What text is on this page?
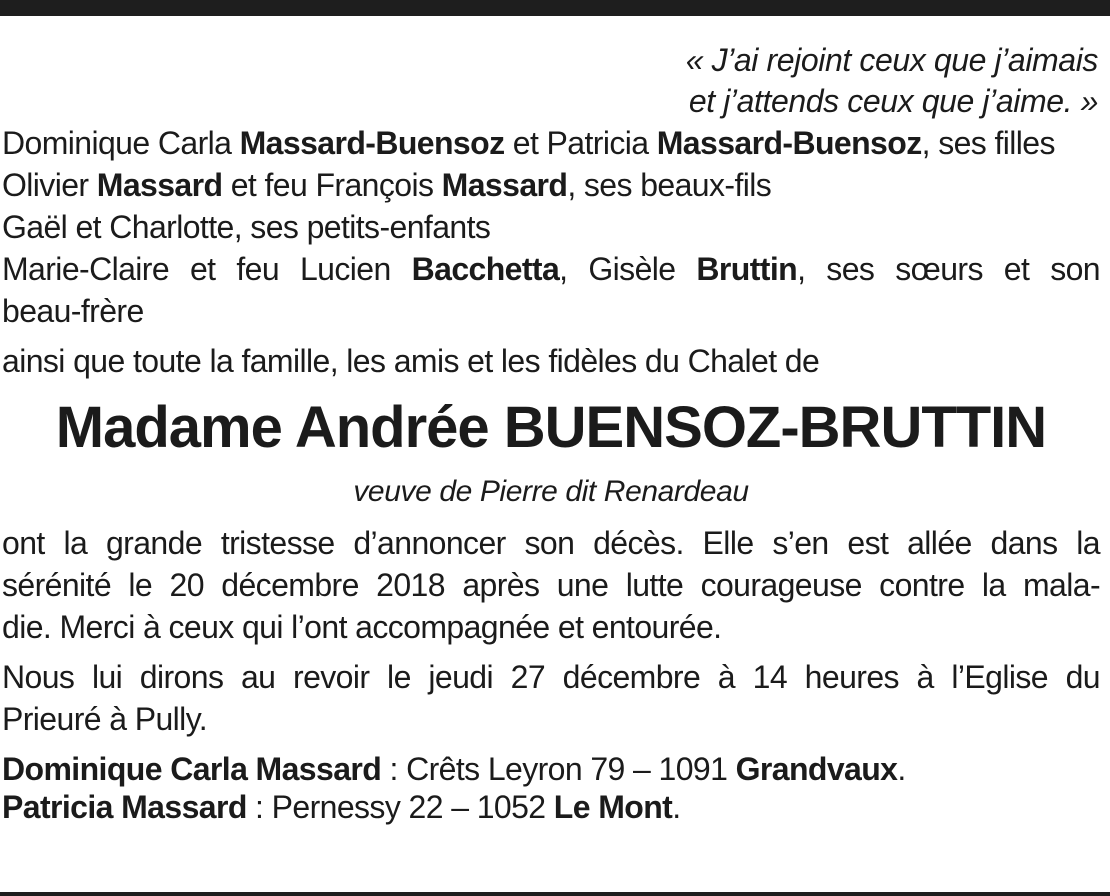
« J’ai rejoint ceux que j’aimais
et j’attends ceux que j’aime. »
Dominique Carla Massard-Buensoz et Patricia Massard-Buensoz, ses filles
Olivier Massard et feu François Massard, ses beaux-fils
Gaël et Charlotte, ses petits-enfants
Marie-Claire et feu Lucien Bacchetta, Gisèle Bruttin, ses sœurs et son
beau-frère
ainsi que toute la famille, les amis et les fidèles du Chalet de
Madame Andrée BUENSOZ-BRUTTIN
veuve de Pierre dit Renardeau
ont la grande tristesse d’annoncer son décès. Elle s’en est allée dans la
sérénité le 20 décembre 2018 après une lutte courageuse contre la mala-
die. Merci à ceux qui l’ont accompagnée et entourée.
Nous lui dirons au revoir le jeudi 27 décembre à 14 heures à l’Eglise du
Prieuré à Pully.
Dominique Carla Massard : Crêts Leyron 79 – 1091 Grandvaux.
Patricia Massard : Pernessy 22 – 1052 Le Mont.
